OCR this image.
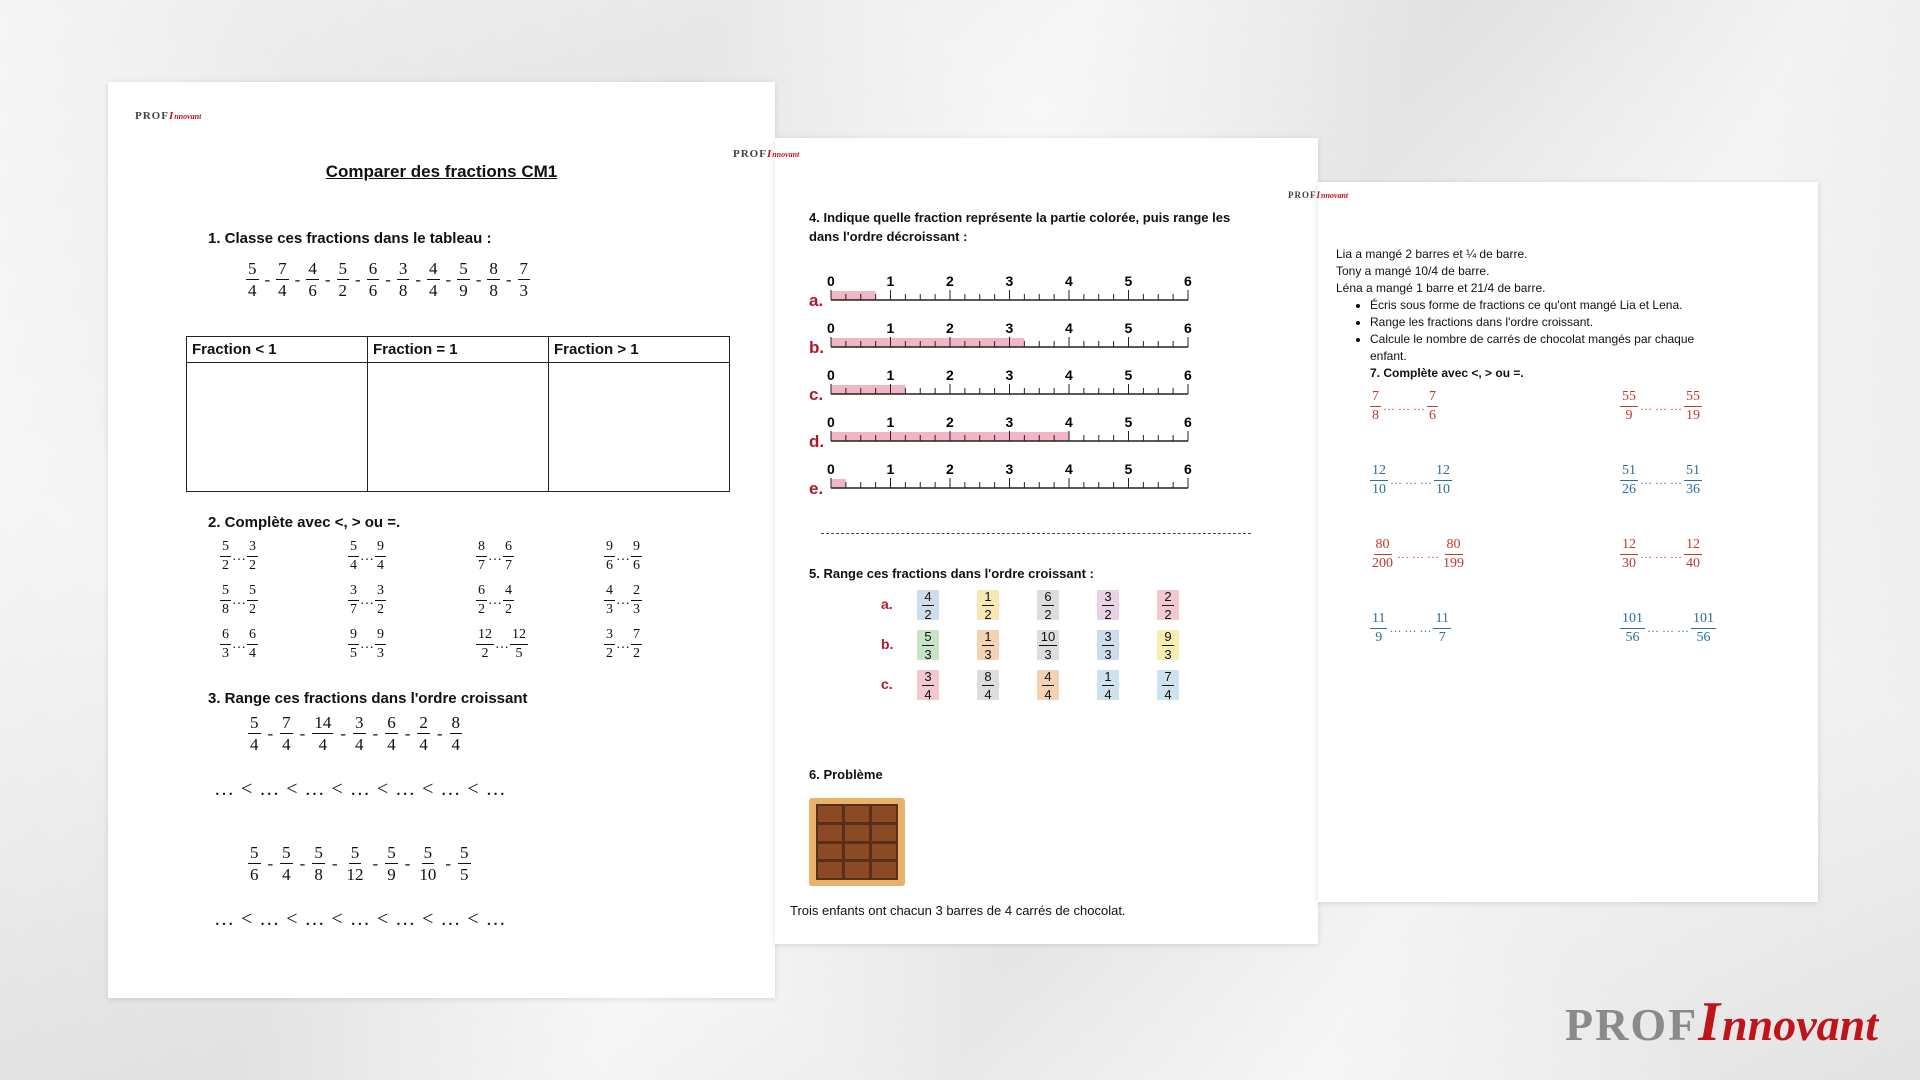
PROFInnovant
Comparer des fractions CM1
1. Classe ces fractions dans le tableau :
$\frac{5}{4} - \frac{7}{4} - \frac{4}{6} - \frac{5}{2} - \frac{6}{6} - \frac{3}{8} - \frac{4}{4} - \frac{5}{9} - \frac{8}{8} - \frac{7}{3}$
Fraction < 1	Fraction = 1	Fraction > 1

2. Complète avec <, > ou =.
$\frac{5}{2}$ … $\frac{3}{2}$	$\frac{5}{4}$ … $\frac{9}{4}$	$\frac{8}{7}$ … $\frac{6}{7}$	$\frac{9}{6}$ … $\frac{9}{6}$
$\frac{5}{8}$ … $\frac{5}{2}$	$\frac{3}{7}$ … $\frac{3}{2}$	$\frac{6}{2}$ … $\frac{4}{2}$	$\frac{4}{3}$ … $\frac{2}{3}$
$\frac{6}{3}$ … $\frac{6}{4}$	$\frac{9}{5}$ … $\frac{9}{3}$	$\frac{12}{2}$ … $\frac{12}{5}$	$\frac{3}{2}$ … $\frac{7}{2}$
3. Range ces fractions dans l'ordre croissant
$\frac{5}{4} - \frac{7}{4} - \frac{14}{4} - \frac{3}{4} - \frac{6}{4} - \frac{2}{4} - \frac{8}{4}$
… < … < … < … < … < … < …
$\frac{5}{6} - \frac{5}{4} - \frac{5}{8} - \frac{5}{12} - \frac{5}{9} - \frac{5}{10} - \frac{5}{5}$
… < … < … < … < … < … < …
PROFInnovant
4. Indique quelle fraction représente la partie colorée, puis range les dans l'ordre décroissant :
a.
0	1	2	3	4	5	6
b.
0	1	2	3	4	5	6
c.
0	1	2	3	4	5	6
d.
0	1	2	3	4	5	6
e.
0	1	2	3	4	5	6
5. Range ces fractions dans l'ordre croissant :
a. $\frac{4}{2}$	$\frac{1}{2}$	$\frac{6}{2}$	$\frac{3}{2}$	$\frac{2}{2}$
b. $\frac{5}{3}$	$\frac{1}{3}$	$\frac{10}{3}$	$\frac{3}{3}$	$\frac{9}{3}$
c. $\frac{3}{4}$	$\frac{8}{4}$	$\frac{4}{4}$	$\frac{1}{4}$	$\frac{7}{4}$
6. Problème
Trois enfants ont chacun 3 barres de 4 carrés de chocolat.
PROFInnovant
Lia a mangé 2 barres et ¼ de barre.
Tony a mangé 10/4 de barre.
Léna a mangé 1 barre et 21/4 de barre.
• Écris sous forme de fractions ce qu'ont mangé Lia et Lena.
• Range les fractions dans l'ordre croissant.
• Calcule le nombre de carrés de chocolat mangés par chaque enfant.
7. Complète avec <, > ou =.
$\frac{7}{8}$ … … … $\frac{7}{6}$	$\frac{55}{9}$ … … … $\frac{55}{19}$
$\frac{12}{10}$ … … … $\frac{12}{10}$	$\frac{51}{26}$ … … … $\frac{51}{36}$
$\frac{80}{200}$ … … … $\frac{80}{199}$	$\frac{12}{30}$ … … … $\frac{12}{40}$
$\frac{11}{9}$ … … … $\frac{11}{7}$	$\frac{101}{56}$ … … … $\frac{101}{56}$
PROFInnovant
